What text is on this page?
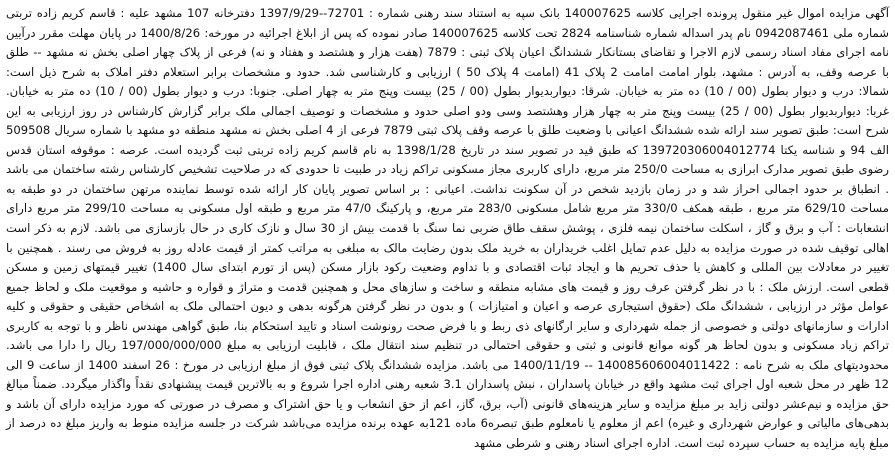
آگهی مزایده اموال غیر منقول پرونده اجرایی کلاسه 140007625 بانک سپه به استناد سند رهنی شماره : 72701--1397/9/29 دفترخانه 107 مشهد علیه : قاسم کریم زاده تربتی شماره ملی 0942087461 نام پدر اسداله شماره شناسنامه 2824 تحت کلاسه 140007625 صادر نموده که پس از ابلاغ اجرائیه در مورخه: 1400/8/26 در پایان مهلت مقرر درآیین نامه اجرای مفاد اسناد رسمی لازم الاجرا و تقاضای بستانکار ششدانگ اعیان پلاک ثبتی : 7879 (هفت هزار و هشتصد و هفتاد و نه) فرعی از پلاک چهار اصلی بخش نه مشهد -- طلق با عرصه وقف، به آدرس : مشهد، بلوار امامت امامت 2 پلاک 41 (امامت 4 پلاک 50 ) ارزیابی و کارشناسی شد. حدود و مشخصات برابر استعلام دفتر املاک به شرح ذیل است: شمالا: درب و دیوار بطول (00 / 10) ده متر به خیابان. شرقا: دیواربدیوار بطول (00 / 25) بیست وپنج متر به چهار اصلی. جنوبا: درب و دیوار بطول (00 / 10) ده متر به خیابان. غربا: دیواربدیوار بطول (00 / 25) بیست وپنج متر به چهار هزار وهشتصد وسی ودو اصلی حدود و مشخصات و توصیف اجمالی ملک برابر گزارش کارشناس در روز ارزیابی به این شرح است: طبق تصویر سند ارائه شده ششدانگ اعیانی با وضعیت طلق با عرصه وقف پلاک ثبتی 7879 فرعی از 4 اصلی بخش نه مشهد منطقه دو مشهد با شماره سریال 509508 الف 94 و شناسه یکتا 139720306004012774 که طبق قید در تصویر سند در تاریخ 1398/1/28 به نام قاسم کریم زاده تربتی ثبت گردیده است. عرصه : موقوفه استان قدس رضوی طبق تصویر مدارک ابرازی به مساحت 250/0 متر مربع، دارای کاربری مجاز مسکونی تراکم زیاد در طبیت تا حدودی که در صلاحیت تشخیص کارشناس رشته ساختمان می باشد . انطباق بر حدود اجمالی احراز شد و در زمان بازدید شخص در آن سکونت نداشت. اعیانی : بر اساس تصویر پایان کار ارائه شده توسط نماینده مرتهن ساختمان در دو طبقه به مساحت 629/10 متر مربع ، طبقه همکف 330/0 متر مربع شامل مسکونی 283/0 متر مربع، و پارکینگ 47/0 متر مربع و طبقه اول مسکونی به مساحت 299/10 متر مربع دارای انشعابات : آب و برق و گاز ، اسکلت ساختمان نیمه فلزی ، پوشش سقف طاق ضربی نما سنگ با قدمت بیش از 30 سال و نازک کاری در حال بازسازی می باشد. لازم به ذکر است اهالی توقیف شده در صورت مزایده به دلیل عدم تمایل اغلب خریداران به خرید ملک بدون رضایت مالک به مبلغی به مراتب کمتر از قیمت عادله روز به فروش می رسند . همچنین با تغییر در معادلات بین المللی و کاهش یا حذف تحریم ها و ایجاد ثبات اقتصادی و با تداوم وضعیت رکود بازار مسکن (پس از تورم ابتدای سال 1400) تغییر قیمتهای زمین و مسکن قطعی است. ارزش ملک : با در نظر گرفتن عرف روز و قیمت های مشابه منطقه و ساخت و سازهای محل و همچنین قدمت و متراژ و قواره و حاشیه و موقعیت ملک و لحاظ جمیع عوامل مؤثر در ارزیابی ، ششدانگ ملک (حقوق استیجاری عرصه و اعیان و امتیازات ) و بدون در نظر گرفتن هرگونه بدهی و دیون احتمالی ملک به اشخاص حقیقی و حقوقی و کلیه ادارات و سازمانهای دولتی و خصوصی از جمله شهرداری و سایر ارگانهای ذی ربط و با فرض صحت رونوشت اسناد و تایید استحکام بنا، طبق گواهی مهندس ناظر و با توجه به کاربری تراکم زیاد مسکونی و بدون لحاظ هر گونه موانع قانونی و ثبتی و حقوقی احتمالی در تنظیم سند انتقال ملک ، قابلیت ارزیابی به مبلغ 197/000/000/000 ریال را دارا می باشد. محدودیتهای ملک به شرح نامه : 140085606004011422 -- 1400/11/19 می باشد. مزایده ششدانگ پلاک ثبتی فوق از مبلغ ارزیابی در مورخ : 26 اسفند 1400 از ساعت 9 الی 12 ظهر در محل شعبه اول اجرای ثبت مشهد واقع در خیابان پاسداران ، نبش پاسداران 3.1 شعبه رهنی اداره اجرا شروع و به بالاترین قیمت پیشنهادی نقداً واگذار میگردد. ضمناً مبالغ حق مزایده و نیم‌عشر دولتی زاید بر مبلغ مزایده و سایر هزینه‌های قانونی (آب، برق، گاز، اعم از حق انشعاب و یا حق اشتراک و مصرف در صورتی که مورد مزایده دارای آن باشد و بدهی‌های مالیاتی و عوارض شهرداری و غیره) اعم از معلوم یا نامعلوم طبق تبصره6 ماده 121به عهده برنده مزایده می‌باشد شرکت در جلسه مزایده منوط به واریز مبلغ ده درصد از مبلغ پایه مزایده به حساب سپرده ثبت است. اداره اجرای اسناد رهنی و شرطی مشهد
